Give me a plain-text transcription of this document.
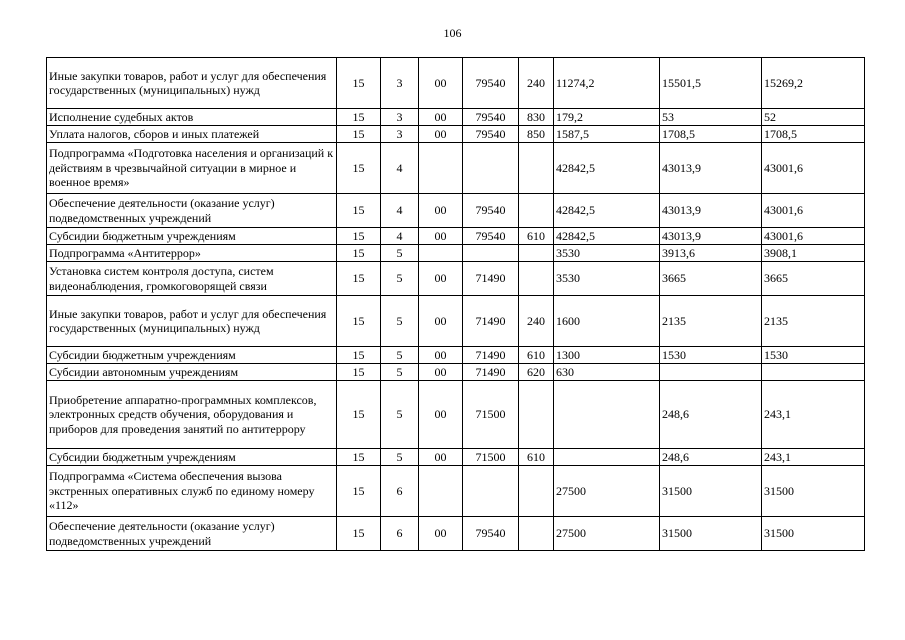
106
Иные закупки товаров, работ и услуг для обеспечения государственных (муниципальных) нужд	15	3	00	79540	240	11274,2	15501,5	15269,2
Исполнение судебных актов	15	3	00	79540	830	179,2	53	52
Уплата налогов, сборов и иных платежей	15	3	00	79540	850	1587,5	1708,5	1708,5
Подпрограмма «Подготовка населения и организаций к действиям в чрезвычайной ситуации в мирное и военное время»	15	4				42842,5	43013,9	43001,6
Обеспечение деятельности (оказание услуг) подведомственных учреждений	15	4	00	79540		42842,5	43013,9	43001,6
Субсидии бюджетным учреждениям	15	4	00	79540	610	42842,5	43013,9	43001,6
Подпрограмма «Антитеррор»	15	5				3530	3913,6	3908,1
Установка систем контроля доступа, систем видеонаблюдения, громкоговорящей связи	15	5	00	71490		3530	3665	3665
Иные закупки товаров, работ и услуг для обеспечения государственных (муниципальных) нужд	15	5	00	71490	240	1600	2135	2135
Субсидии бюджетным учреждениям	15	5	00	71490	610	1300	1530	1530
Субсидии автономным учреждениям	15	5	00	71490	620	630		
Приобретение аппаратно-программных комплексов, электронных средств обучения, оборудования и приборов для проведения занятий по антитеррору	15	5	00	71500			248,6	243,1
Субсидии бюджетным учреждениям	15	5	00	71500	610		248,6	243,1
Подпрограмма «Система обеспечения вызова экстренных оперативных служб по единому номеру «112»	15	6				27500	31500	31500
Обеспечение деятельности (оказание услуг) подведомственных учреждений	15	6	00	79540		27500	31500	31500
